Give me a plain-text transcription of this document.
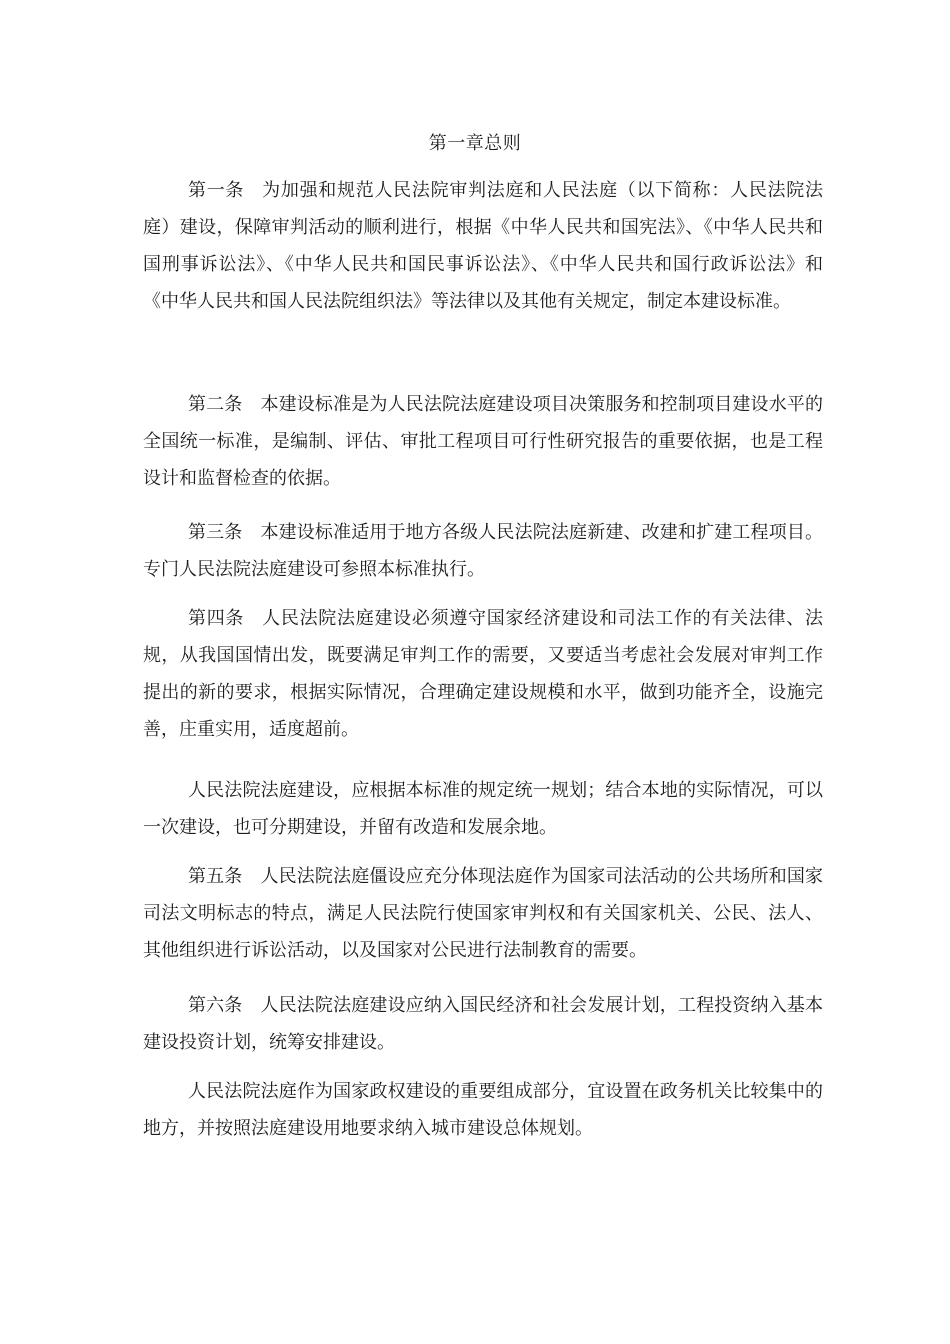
第一章总则

第一条 为加强和规范人民法院审判法庭和人民法庭（以下简称：人民法院法庭）建设，保障审判活动的顺利进行，根据《中华人民共和国宪法》、《中华人民共和国刑事诉讼法》、《中华人民共和国民事诉讼法》、《中华人民共和国行政诉讼法》和《中华人民共和国人民法院组织法》等法律以及其他有关规定，制定本建设标准。

第二条 本建设标准是为人民法院法庭建设项目决策服务和控制项目建设水平的全国统一标准，是编制、评估、审批工程项目可行性研究报告的重要依据，也是工程设计和监督检查的依据。

第三条 本建设标准适用于地方各级人民法院法庭新建、改建和扩建工程项目。专门人民法院法庭建设可参照本标准执行。

第四条 人民法院法庭建设必须遵守国家经济建设和司法工作的有关法律、法规，从我国国情出发，既要满足审判工作的需要，又要适当考虑社会发展对审判工作提出的新的要求，根据实际情况，合理确定建设规模和水平，做到功能齐全，设施完善，庄重实用，适度超前。

人民法院法庭建设，应根据本标准的规定统一规划；结合本地的实际情况，可以一次建设，也可分期建设，并留有改造和发展余地。

第五条 人民法院法庭僵设应充分体现法庭作为国家司法活动的公共场所和国家司法文明标志的特点，满足人民法院行使国家审判权和有关国家机关、公民、法人、其他组织进行诉讼活动，以及国家对公民进行法制教育的需要。

第六条 人民法院法庭建设应纳入国民经济和社会发展计划，工程投资纳入基本建设投资计划，统筹安排建设。

人民法院法庭作为国家政权建设的重要组成部分，宜设置在政务机关比较集中的地方，并按照法庭建设用地要求纳入城市建设总体规划。
